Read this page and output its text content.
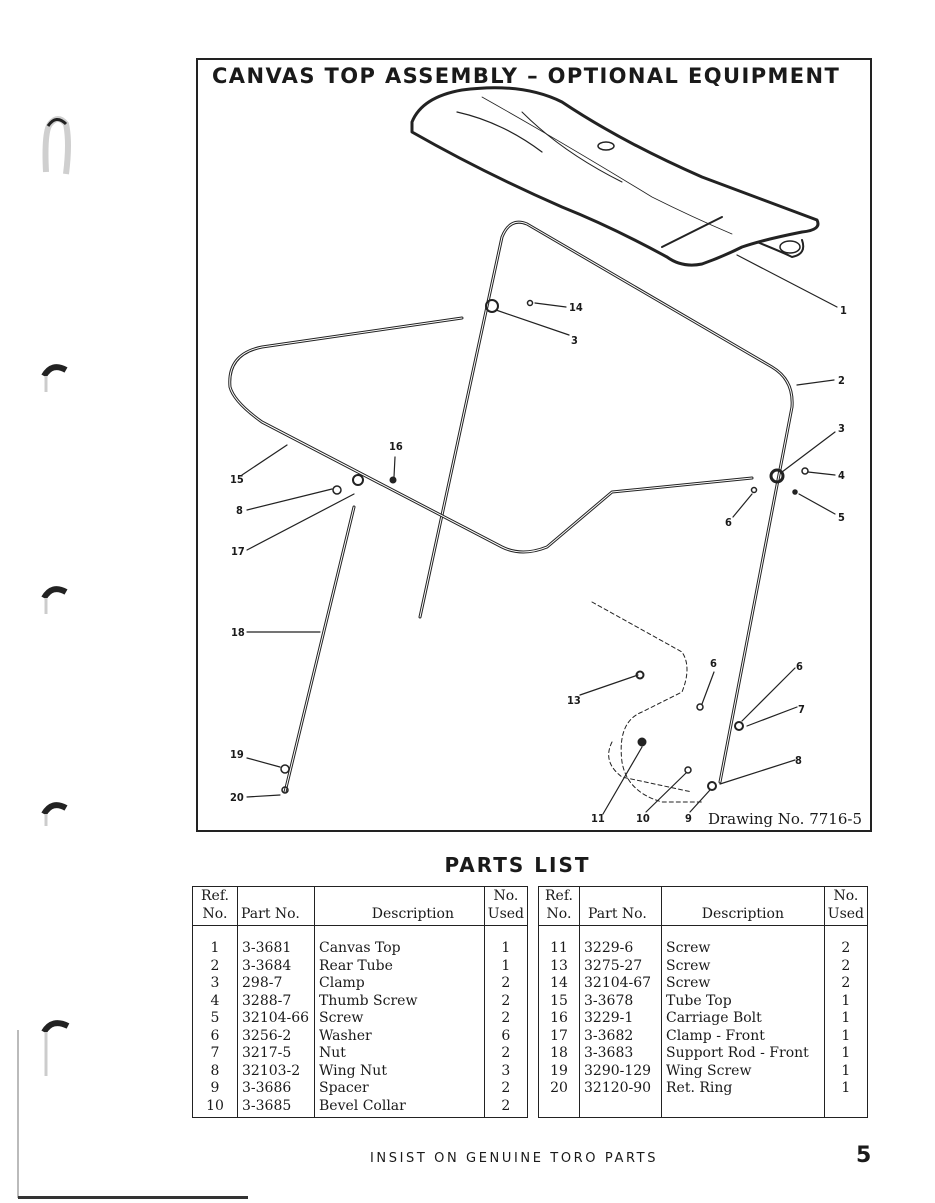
1
2
3
4
5
6
14
3
16
15
8
17
18
19
20
13
6	6
7
8
11	10	9
CANVAS TOP ASSEMBLY – OPTIONAL EQUIPMENT
Drawing No. 7716-5
PARTS LIST
Ref.
No.	Part No.	Description	No.
Used
1	3-3681	Canvas Top	1
2	3-3684	Rear Tube	1
3	298-7	Clamp	2
4	3288-7	Thumb Screw	2
5	32104-66	Screw	2
6	3256-2	Washer	6
7	3217-5	Nut	2
8	32103-2	Wing Nut	3
9	3-3686	Spacer	2
10	3-3685	Bevel Collar	2
Ref.
No.	Part No.	Description	No.
Used
11	3229-6	Screw	2
13	3275-27	Screw	2
14	32104-67	Screw	2
15	3-3678	Tube Top	1
16	3229-1	Carriage Bolt	1
17	3-3682	Clamp - Front	1
18	3-3683	Support Rod - Front	1
19	3290-129	Wing Screw	1
20	32120-90	Ret. Ring	1

INSIST ON GENUINE TORO PARTS	5
